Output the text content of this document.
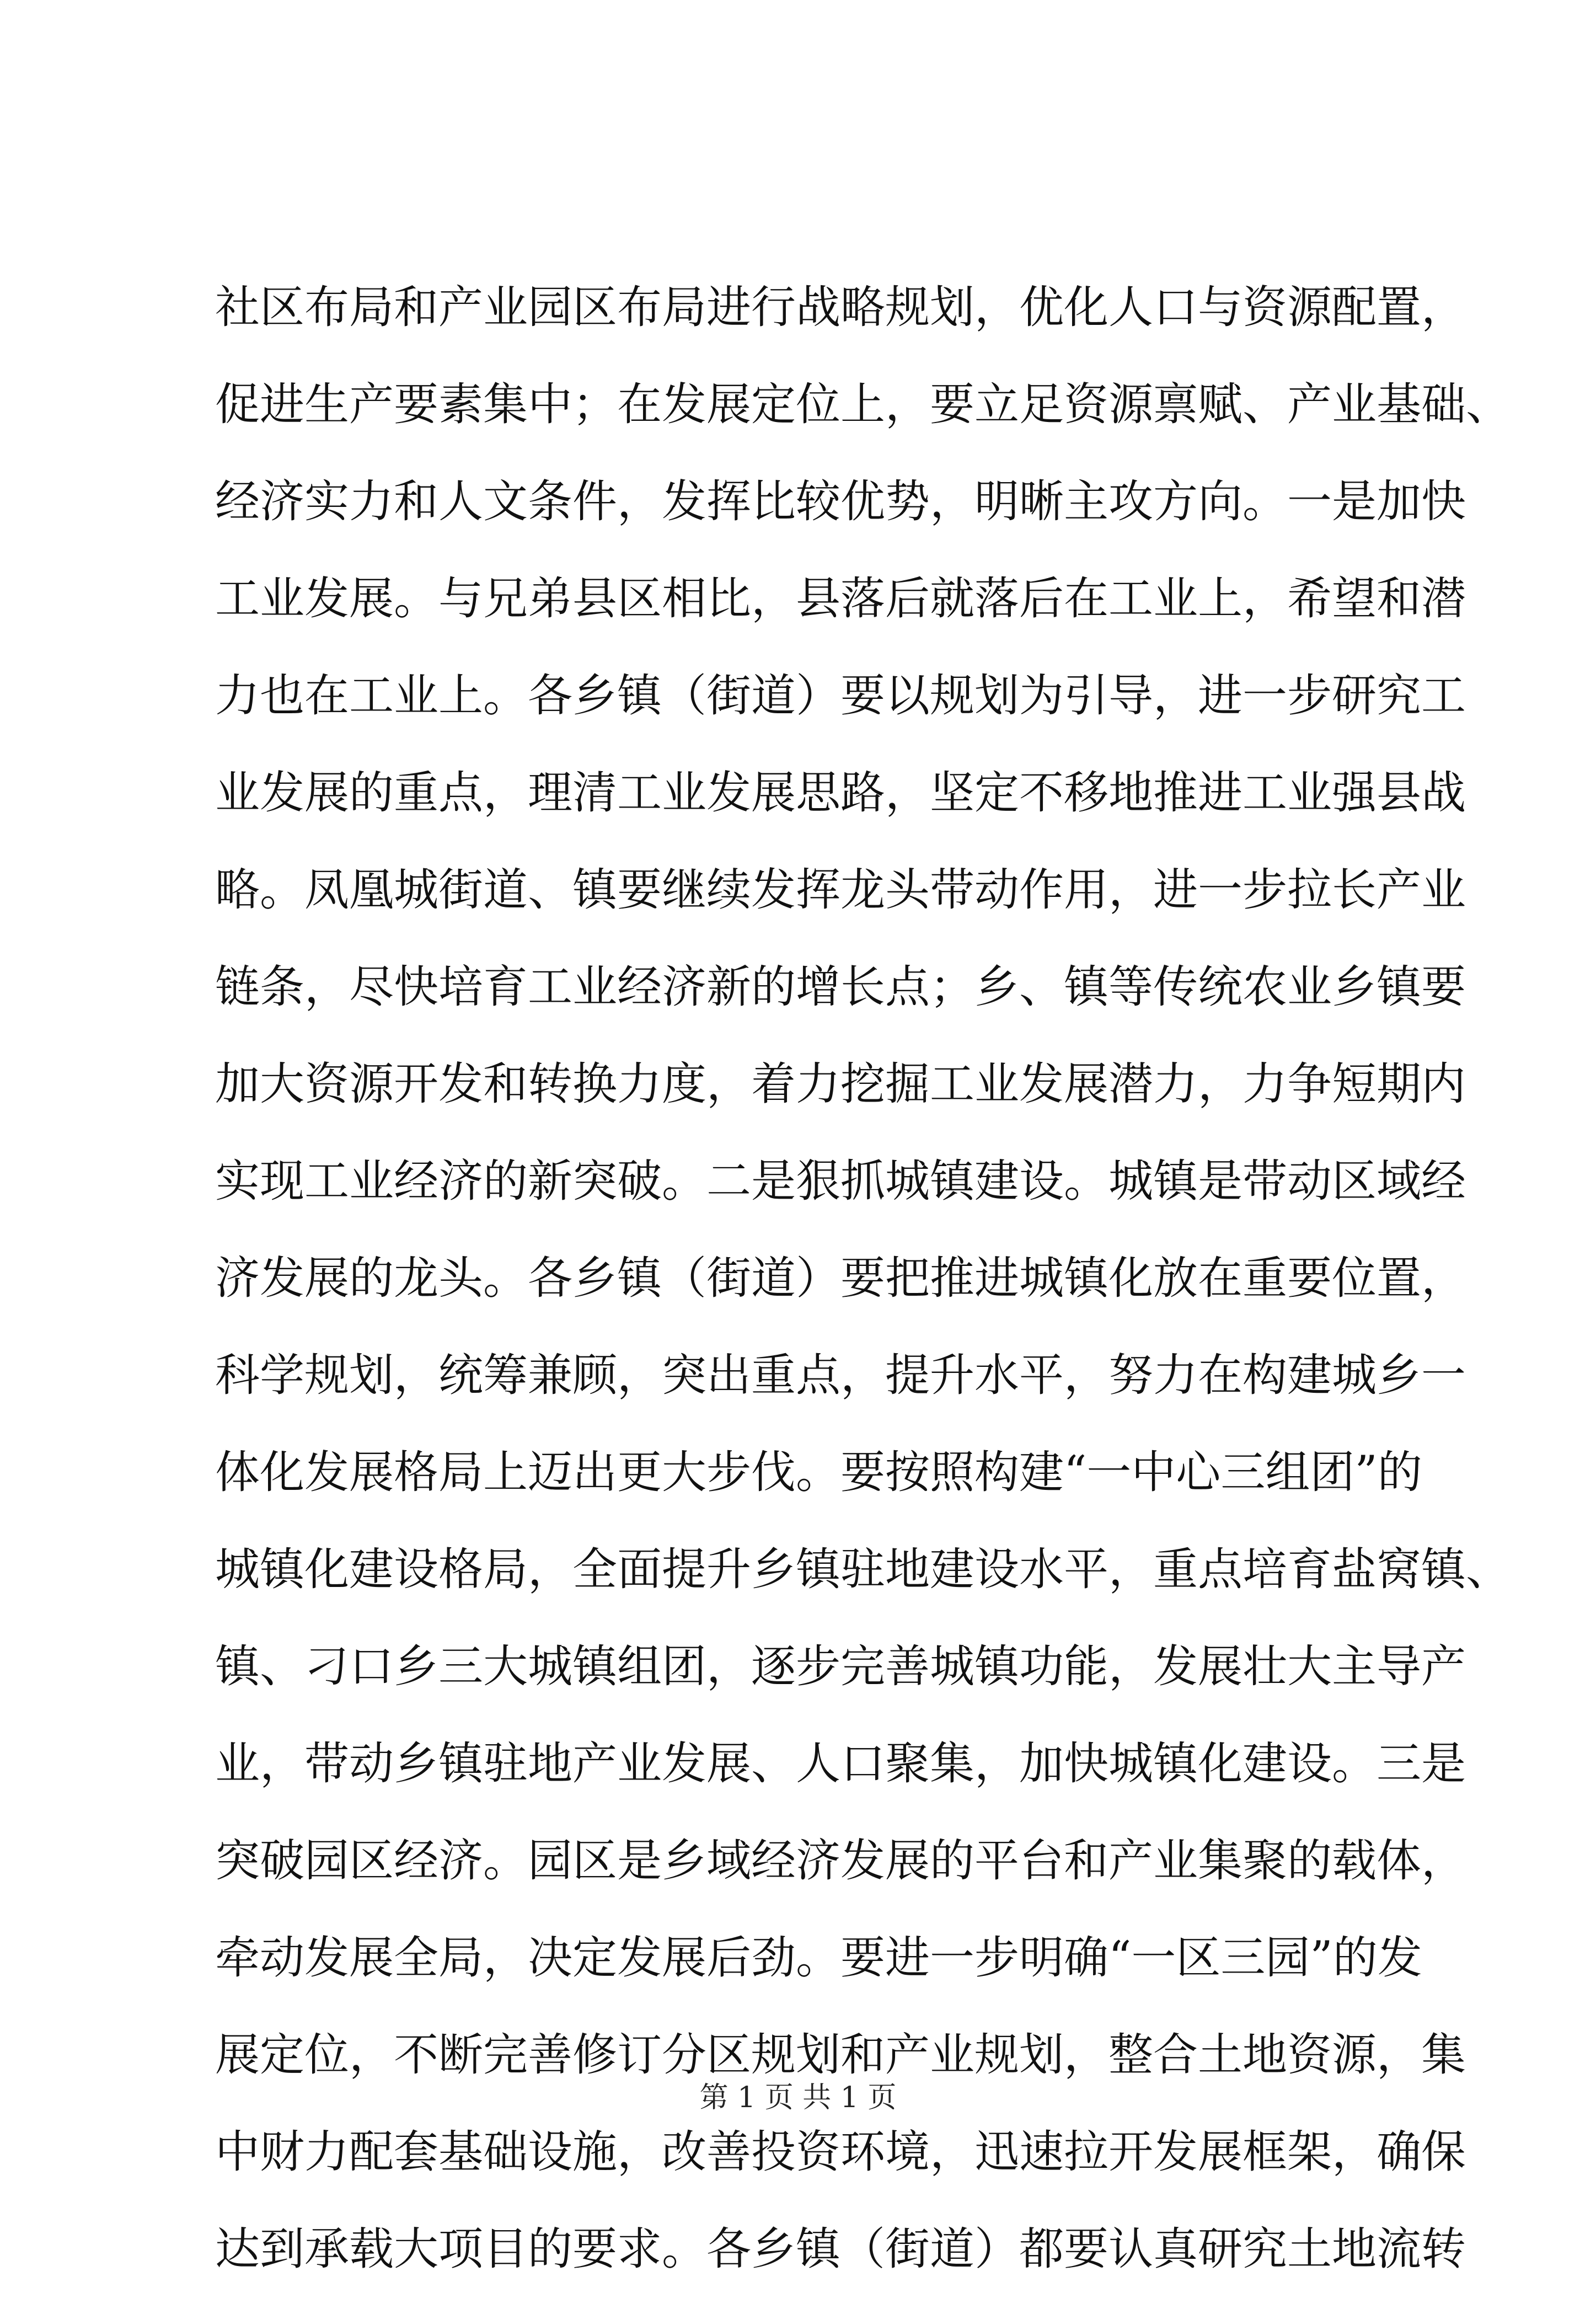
社区布局和产业园区布局进行战略规划，优化人口与资源配置，
促进生产要素集中；在发展定位上，要立足资源禀赋、产业基础、
经济实力和人文条件，发挥比较优势，明晰主攻方向。一是加快
工业发展。与兄弟县区相比，县落后就落后在工业上，希望和潜
力也在工业上。各乡镇（街道）要以规划为引导，进一步研究工
业发展的重点，理清工业发展思路，坚定不移地推进工业强县战
略。凤凰城街道、镇要继续发挥龙头带动作用，进一步拉长产业
链条，尽快培育工业经济新的增长点；乡、镇等传统农业乡镇要
加大资源开发和转换力度，着力挖掘工业发展潜力，力争短期内
实现工业经济的新突破。二是狠抓城镇建设。城镇是带动区域经
济发展的龙头。各乡镇（街道）要把推进城镇化放在重要位置，
科学规划，统筹兼顾，突出重点，提升水平，努力在构建城乡一
体化发展格局上迈出更大步伐。要按照构建“一中心三组团”的
城镇化建设格局，全面提升乡镇驻地建设水平，重点培育盐窝镇、
镇、刁口乡三大城镇组团，逐步完善城镇功能，发展壮大主导产
业，带动乡镇驻地产业发展、人口聚集，加快城镇化建设。三是
突破园区经济。园区是乡域经济发展的平台和产业集聚的载体，
牵动发展全局，决定发展后劲。要进一步明确“一区三园”的发
展定位，不断完善修订分区规划和产业规划，整合土地资源，集
中财力配套基础设施，改善投资环境，迅速拉开发展框架，确保
达到承载大项目的要求。各乡镇（街道）都要认真研究土地流转
第 1 页 共 1 页
